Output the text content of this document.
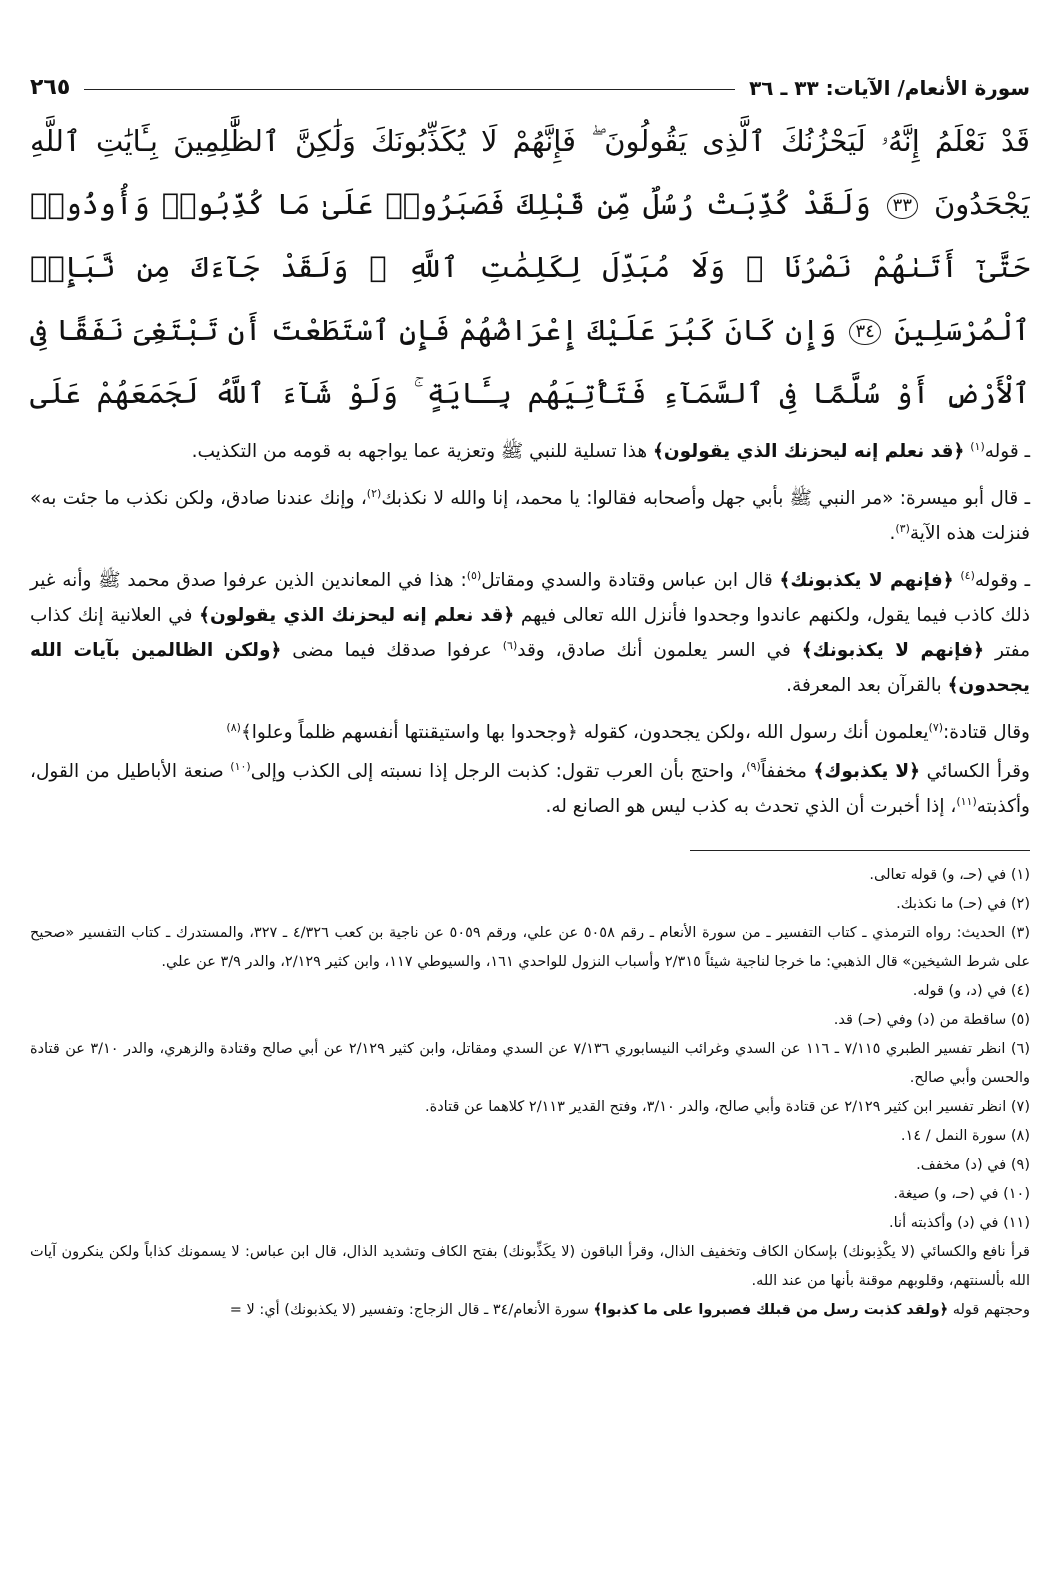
سورة الأنعام/ الآيات: ٣٣ ـ ٣٦
٢٦٥
قَدْ نَعْلَمُ إِنَّهُۥ لَيَحْزُنُكَ ٱلَّذِى يَقُولُونَ ۖ فَإِنَّهُمْ لَا يُكَذِّبُونَكَ وَلَٰكِنَّ ٱلظَّٰلِمِينَ بِـَٔايَٰتِ ٱللَّهِ يَجْحَدُونَ ٣٣ وَلَقَدْ كُذِّبَتْ رُسُلٌ مِّن قَبْلِكَ فَصَبَرُوا۟ عَلَىٰ مَا كُذِّبُوا۟ وَأُوذُوا۟ حَتَّىٰٓ أَتَىٰهُمْ نَصْرُنَا ۚ وَلَا مُبَدِّلَ لِكَلِمَٰتِ ٱللَّهِ ۚ وَلَقَدْ جَآءَكَ مِن نَّبَإِى۟ ٱلْمُرْسَلِينَ ٣٤ وَإِن كَانَ كَبُرَ عَلَيْكَ إِعْرَاضُهُمْ فَإِنِ ٱسْتَطَعْتَ أَن تَبْتَغِىَ نَفَقًا فِى ٱلْأَرْضِ أَوْ سُلَّمًا فِى ٱلسَّمَآءِ فَتَأْتِيَهُم بِـَٔايَةٍ ۚ وَلَوْ شَآءَ ٱللَّهُ لَجَمَعَهُمْ عَلَى

ـ قوله$^{(١)}$ ﴿قد نعلم إنه ليحزنك الذي يقولون﴾ هذا تسلية للنبي ﷺ وتعزية عما يواجهه به قومه من التكذيب.

ـ قال أبو ميسرة: «مر النبي ﷺ بأبي جهل وأصحابه فقالوا: يا محمد، إنا والله لا نكذبك$^{(٢)}$، وإنك عندنا صادق، ولكن نكذب ما جئت به» فنزلت هذه الآية$^{(٣)}$.

ـ وقوله$^{(٤)}$ ﴿فإنهم لا يكذبونك﴾ قال ابن عباس وقتادة والسدي ومقاتل$^{(٥)}$: هذا في المعاندين الذين عرفوا صدق محمد ﷺ وأنه غير ذلك كاذب فيما يقول، ولكنهم عاندوا وجحدوا فأنزل الله تعالى فيهم ﴿قد نعلم إنه ليحزنك الذي يقولون﴾ في العلانية إنك كذاب مفتر ﴿فإنهم لا يكذبونك﴾ في السر يعلمون أنك صادق، وقد$^{(٦)}$ عرفوا صدقك فيما مضى ﴿ولكن الظالمين بآيات الله يجحدون﴾ بالقرآن بعد المعرفة.

وقال قتادة:$^{(٧)}$يعلمون أنك رسول الله ،ولكن يجحدون، كقوله ﴿وجحدوا بها واستيقنتها أنفسهم ظلماً وعلوا﴾$^{(٨)}$

وقرأ الكسائي ﴿لا يكذبوك﴾ مخففاً$^{(٩)}$، واحتج بأن العرب تقول: كذبت الرجل إذا نسبته إلى الكذب وإلى$^{(١٠)}$ صنعة الأباطيل من القول، وأكذبته$^{(١١)}$، إذا أخبرت أن الذي تحدث به كذب ليس هو الصانع له.

(١) في (حـ، و) قوله تعالى.

(٢) في (حـ) ما نكذبك.

(٣) الحديث: رواه الترمذي ـ كتاب التفسير ـ من سورة الأنعام ـ رقم ٥٠٥٨ عن علي، ورقم ٥٠٥٩ عن ناجية بن كعب ٤/٣٢٦ ـ ٣٢٧، والمستدرك ـ كتاب التفسير «صحيح على شرط الشيخين» قال الذهبي: ما خرجا لناجية شيئاً ٢/٣١٥ وأسباب النزول للواحدي ١٦١، والسيوطي ١١٧، وابن كثير ٢/١٢٩، والدر ٣/٩ عن علي.

(٤) في (د، و) قوله.

(٥) ساقطة من (د) وفي (حـ) قد.

(٦) انظر تفسير الطبري ٧/١١٥ ـ ١١٦ عن السدي وغرائب النيسابوري ٧/١٣٦ عن السدي ومقاتل، وابن كثير ٢/١٢٩ عن أبي صالح وقتادة والزهري، والدر ٣/١٠ عن قتادة والحسن وأبي صالح.

(٧) انظر تفسير ابن كثير ٢/١٢٩ عن قتادة وأبي صالح، والدر ٣/١٠، وفتح القدير ٢/١١٣ كلاهما عن قتادة.

(٨) سورة النمل / ١٤.

(٩) في (د) مخفف.

(١٠) في (حـ، و) صيغة.

(١١) في (د) وأكذبته أنا.

قرأ نافع والكسائي (لا يكْذِبونك) بإسكان الكاف وتخفيف الذال، وقرأ الباقون (لا يكَذِّبونك) بفتح الكاف وتشديد الذال، قال ابن عباس: لا يسمونك كذاباً ولكن ينكرون آيات الله بألسنتهم، وقلوبهم موقنة بأنها من عند الله.

وحجتهم قوله ﴿ولقد كذبت رسل من قبلك فصبروا على ما كذبوا﴾ سورة الأنعام/٣٤ ـ قال الزجاج: وتفسير (لا يكذبونك) أي: لا =
